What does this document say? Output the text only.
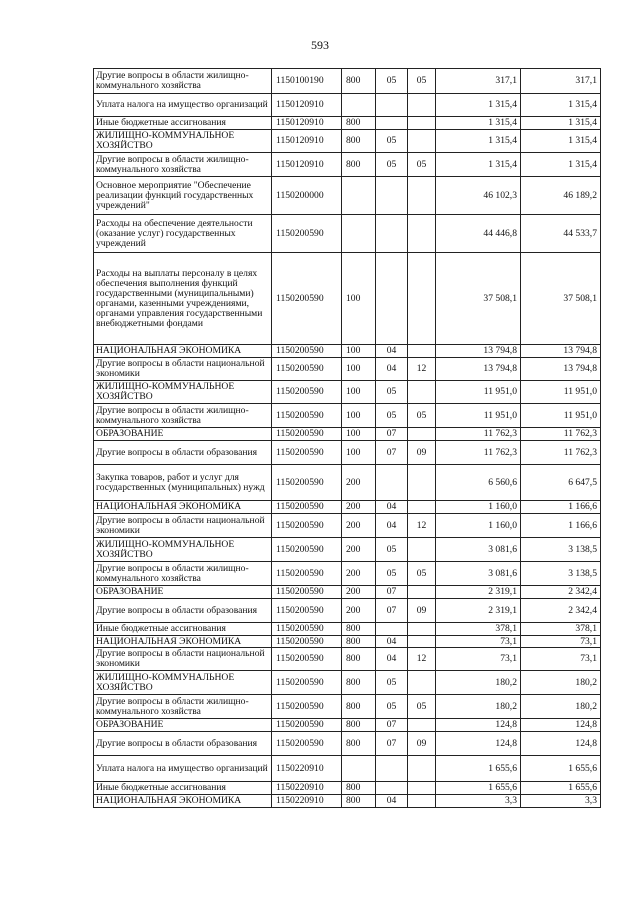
593
Другие вопросы в области жилищно-коммунального хозяйства	1150100190	800	05	05	317,1	317,1
Уплата налога на имущество организаций	1150120910				1 315,4	1 315,4
Иные бюджетные ассигнования	1150120910	800			1 315,4	1 315,4
ЖИЛИЩНО-КОММУНАЛЬНОЕ ХОЗЯЙСТВО	1150120910	800	05		1 315,4	1 315,4
Другие вопросы в области жилищно-коммунального хозяйства	1150120910	800	05	05	1 315,4	1 315,4
Основное мероприятие "Обеспечение реализации функций государственных учреждений"	1150200000				46 102,3	46 189,2
Расходы на обеспечение деятельности (оказание услуг) государственных учреждений	1150200590				44 446,8	44 533,7
Расходы на выплаты персоналу в целях обеспечения выполнения функций государственными (муниципальными) органами, казенными учреждениями, органами управления государственными внебюджетными фондами	1150200590	100			37 508,1	37 508,1
НАЦИОНАЛЬНАЯ ЭКОНОМИКА	1150200590	100	04		13 794,8	13 794,8
Другие вопросы в области национальной экономики	1150200590	100	04	12	13 794,8	13 794,8
ЖИЛИЩНО-КОММУНАЛЬНОЕ ХОЗЯЙСТВО	1150200590	100	05		11 951,0	11 951,0
Другие вопросы в области жилищно-коммунального хозяйства	1150200590	100	05	05	11 951,0	11 951,0
ОБРАЗОВАНИЕ	1150200590	100	07		11 762,3	11 762,3
Другие вопросы в области образования	1150200590	100	07	09	11 762,3	11 762,3
Закупка товаров, работ и услуг для государственных (муниципальных) нужд	1150200590	200			6 560,6	6 647,5
НАЦИОНАЛЬНАЯ ЭКОНОМИКА	1150200590	200	04		1 160,0	1 166,6
Другие вопросы в области национальной экономики	1150200590	200	04	12	1 160,0	1 166,6
ЖИЛИЩНО-КОММУНАЛЬНОЕ ХОЗЯЙСТВО	1150200590	200	05		3 081,6	3 138,5
Другие вопросы в области жилищно-коммунального хозяйства	1150200590	200	05	05	3 081,6	3 138,5
ОБРАЗОВАНИЕ	1150200590	200	07		2 319,1	2 342,4
Другие вопросы в области образования	1150200590	200	07	09	2 319,1	2 342,4
Иные бюджетные ассигнования	1150200590	800			378,1	378,1
НАЦИОНАЛЬНАЯ ЭКОНОМИКА	1150200590	800	04		73,1	73,1
Другие вопросы в области национальной экономики	1150200590	800	04	12	73,1	73,1
ЖИЛИЩНО-КОММУНАЛЬНОЕ ХОЗЯЙСТВО	1150200590	800	05		180,2	180,2
Другие вопросы в области жилищно-коммунального хозяйства	1150200590	800	05	05	180,2	180,2
ОБРАЗОВАНИЕ	1150200590	800	07		124,8	124,8
Другие вопросы в области образования	1150200590	800	07	09	124,8	124,8
Уплата налога на имущество организаций	1150220910				1 655,6	1 655,6
Иные бюджетные ассигнования	1150220910	800			1 655,6	1 655,6
НАЦИОНАЛЬНАЯ ЭКОНОМИКА	1150220910	800	04		3,3	3,3
